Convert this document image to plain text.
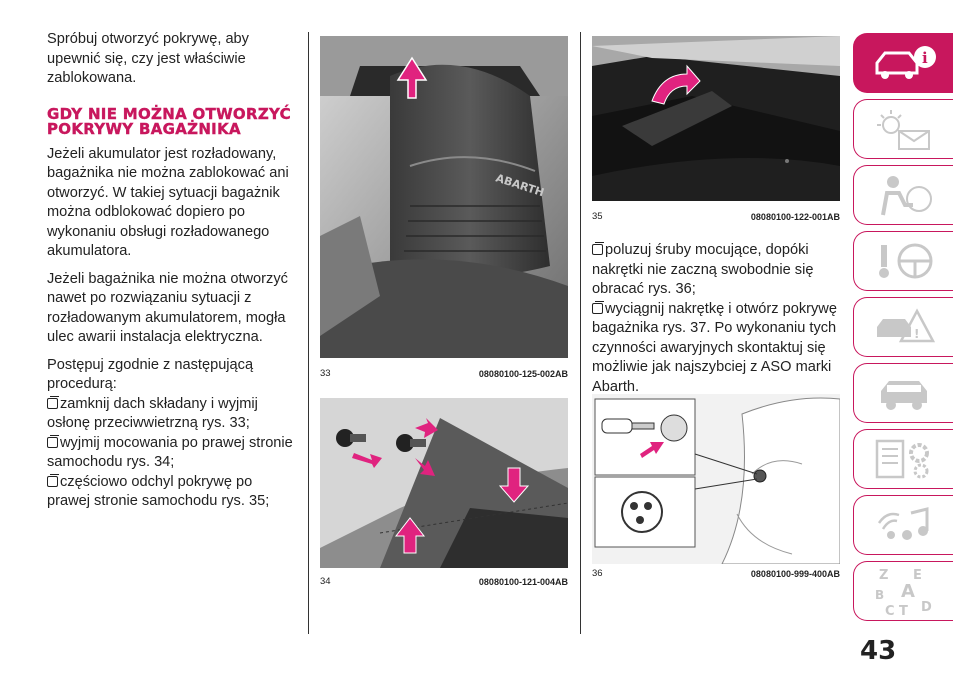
Spróbuj otworzyć pokrywę, aby upewnić się, czy jest właściwie zablokowana.

GDY NIE MOŻNA OTWORZYĆ POKRYWY BAGAŻNIKA

Jeżeli akumulator jest rozładowany, bagażnika nie można zablokować ani otworzyć. W takiej sytuacji bagażnik można odblokować dopiero po wykonaniu obsługi rozładowanego akumulatora.

Jeżeli bagażnika nie można otworzyć nawet po rozwiązaniu sytuacji z rozładowanym akumulatorem, mogła ulec awarii instalacja elektryczna.

Postępuj zgodnie z następującą procedurą:

zamknij dach składany i wyjmij osłonę przeciwwietrzną rys. 33;
wyjmij mocowania po prawej stronie samochodu rys. 34;
częściowo odchyl pokrywę po prawej stronie samochodu rys. 35;
ABARTH
33	08080100-125-002AB
34	08080100-121-004AB
35	08080100-122-001AB

poluzuj śruby mocujące, dopóki nakrętki nie zaczną swobodnie się obracać rys. 36;

wyciągnij nakrętkę i otwórz pokrywę bagażnika rys. 37. Po wykonaniu tych czynności awaryjnych skontaktuj się możliwie jak najszybciej z ASO marki Abarth.

36	08080100-999-400AB
i
!
Z E
A
B
C T D
43
